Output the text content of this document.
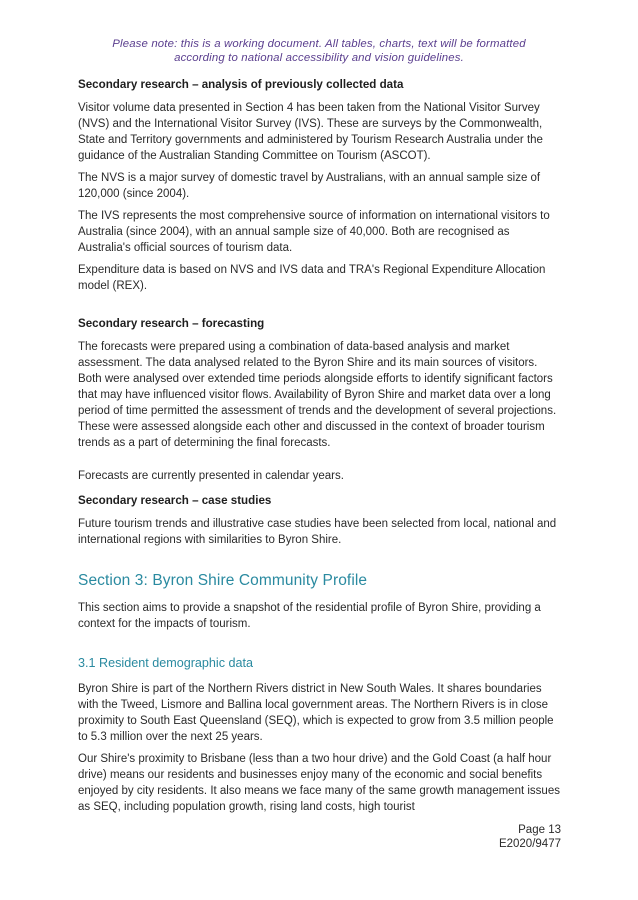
Please note: this is a working document. All tables, charts, text will be formatted
according to national accessibility and vision guidelines.
Secondary research – analysis of previously collected data

Visitor volume data presented in Section 4 has been taken from the National Visitor Survey (NVS) and the International Visitor Survey (IVS). These are surveys by the Commonwealth, State and Territory governments and administered by Tourism Research Australia under the guidance of the Australian Standing Committee on Tourism (ASCOT).

The NVS is a major survey of domestic travel by Australians, with an annual sample size of 120,000 (since 2004).

The IVS represents the most comprehensive source of information on international visitors to Australia (since 2004), with an annual sample size of 40,000. Both are recognised as Australia's official sources of tourism data.

Expenditure data is based on NVS and IVS data and TRA's Regional Expenditure Allocation model (REX).

Secondary research – forecasting

The forecasts were prepared using a combination of data-based analysis and market assessment. The data analysed related to the Byron Shire and its main sources of visitors. Both were analysed over extended time periods alongside efforts to identify significant factors that may have influenced visitor flows. Availability of Byron Shire and market data over a long period of time permitted the assessment of trends and the development of several projections. These were assessed alongside each other and discussed in the context of broader tourism trends as a part of determining the final forecasts.

Forecasts are currently presented in calendar years.

Secondary research – case studies

Future tourism trends and illustrative case studies have been selected from local, national and international regions with similarities to Byron Shire.

Section 3: Byron Shire Community Profile

This section aims to provide a snapshot of the residential profile of Byron Shire, providing a context for the impacts of tourism.

3.1 Resident demographic data

Byron Shire is part of the Northern Rivers district in New South Wales. It shares boundaries with the Tweed, Lismore and Ballina local government areas. The Northern Rivers is in close proximity to South East Queensland (SEQ), which is expected to grow from 3.5 million people to 5.3 million over the next 25 years.

Our Shire's proximity to Brisbane (less than a two hour drive) and the Gold Coast (a half hour drive) means our residents and businesses enjoy many of the economic and social benefits enjoyed by city residents. It also means we face many of the same growth management issues as SEQ, including population growth, rising land costs, high tourist

Page 13
E2020/9477
